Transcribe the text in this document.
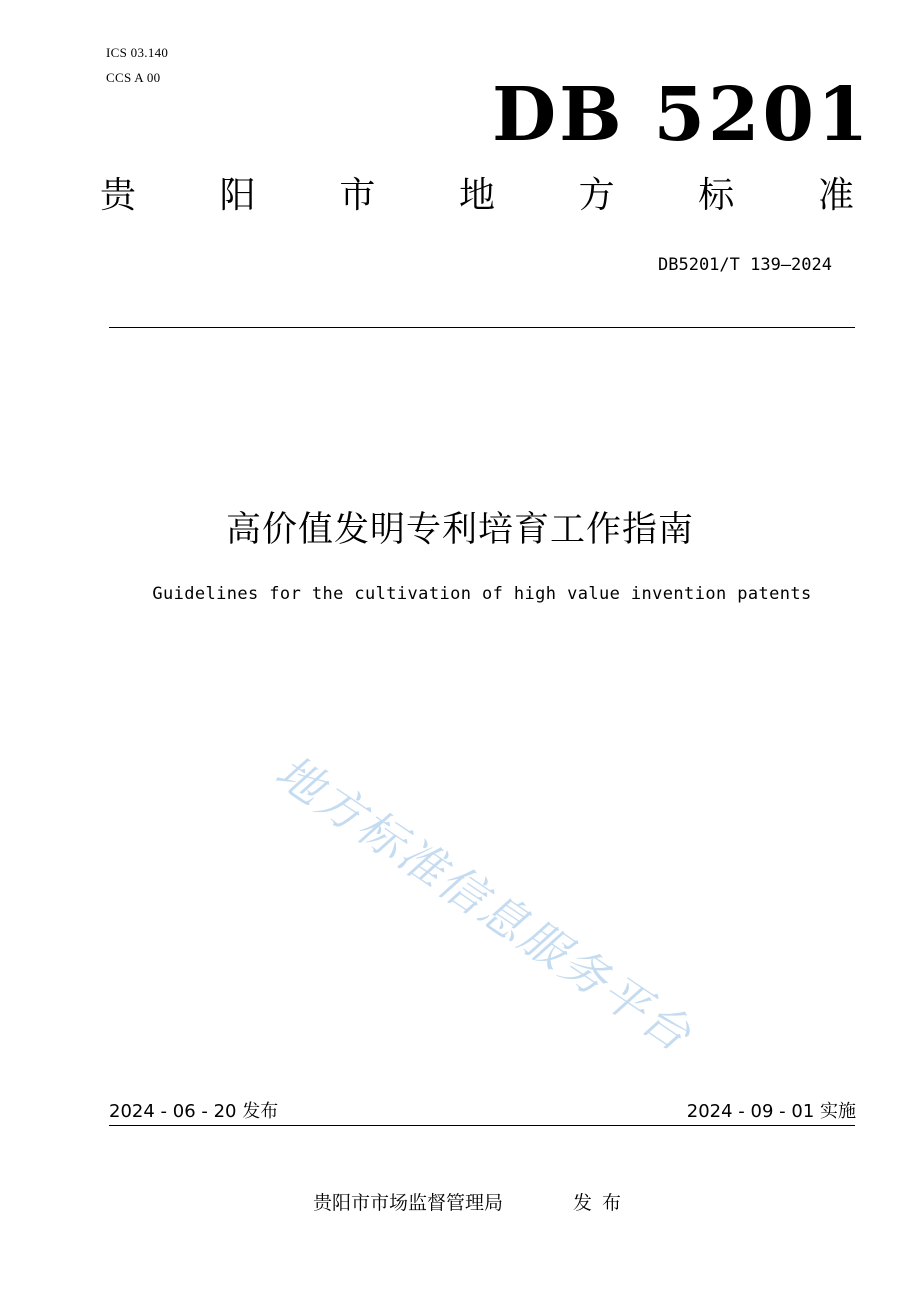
ICS 03.140
CCS A 00	DB 5201
贵 阳 市 地 方 标 准
DB5201/T 139—2024
高价值发明专利培育工作指南
Guidelines for the cultivation of high value invention patents
地方标准信息服务平台
2024 - 06 - 20 发布	2024 - 09 - 01 实施
贵阳市市场监督管理局	发布
